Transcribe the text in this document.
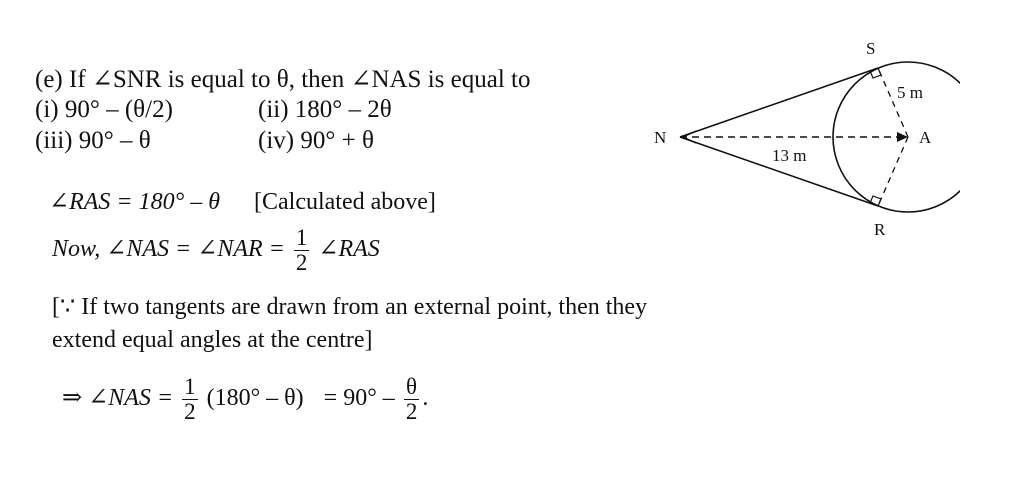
(e) If ∠SNR is equal to θ, then ∠NAS is equal to
(i) 90° – (θ/2)	(ii) 180° – 2θ
(iii) 90° – θ	(iv) 90° + θ
∠RAS = 180° – θ [Calculated above]
Now, ∠NAS = ∠NAR = $\frac{1}{2}$ ∠RAS
[∵ If two tangents are drawn from an external point, then they
extend equal angles at the centre]
⇒ ∠NAS = $\frac{1}{2} (180^\circ - \theta) = 90^\circ - \frac{\theta}{2}$ .
S
N	A
R
5 m
13 m
